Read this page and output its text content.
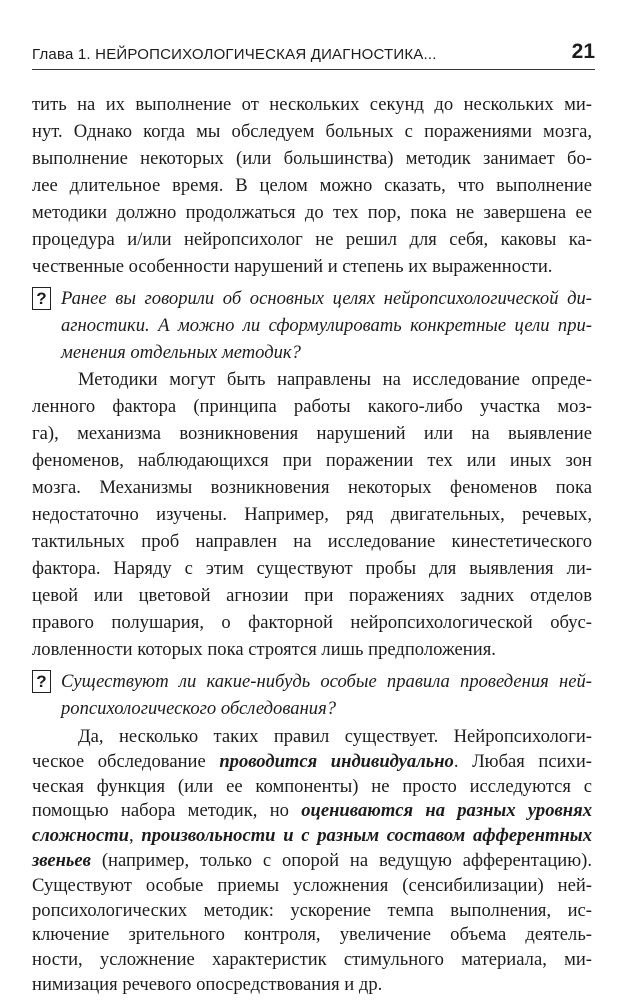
Глава 1. НЕЙРОПСИХОЛОГИЧЕСКАЯ ДИАГНОСТИКА...	21
тить на их выполнение от нескольких секунд до нескольких ми-
нут. Однако когда мы обследуем больных с поражениями мозга,
выполнение некоторых (или большинства) методик занимает бо-
лее длительное время. В целом можно сказать, что выполнение
методики должно продолжаться до тех пор, пока не завершена ее
процедура и/или нейропсихолог не решил для себя, каковы ка-
чественные особенности нарушений и степень их выраженности.
? Ранее вы говорили об основных целях нейропсихологической ди-
агностики. А можно ли сформулировать конкретные цели при-
менения отдельных методик?
Методики могут быть направлены на исследование опреде-
ленного фактора (принципа работы какого-либо участка моз-
га), механизма возникновения нарушений или на выявление
феноменов, наблюдающихся при поражении тех или иных зон
мозга. Механизмы возникновения некоторых феноменов пока
недостаточно изучены. Например, ряд двигательных, речевых,
тактильных проб направлен на исследование кинестетического
фактора. Наряду с этим существуют пробы для выявления ли-
цевой или цветовой агнозии при поражениях задних отделов
правого полушария, о факторной нейропсихологической обус-
ловленности которых пока строятся лишь предположения.
? Существуют ли какие-нибудь особые правила проведения ней-
ропсихологического обследования?
Да, несколько таких правил существует. Нейропсихологи-
ческое обследование проводится индивидуально. Любая психи-
ческая функция (или ее компоненты) не просто исследуются с
помощью набора методик, но оцениваются на разных уровнях
сложности, произвольности и с разным составом афферентных
звеньев (например, только с опорой на ведущую афферентацию).
Существуют особые приемы усложнения (сенсибилизации) ней-
ропсихологических методик: ускорение темпа выполнения, ис-
ключение зрительного контроля, увеличение объема деятель-
ности, усложнение характеристик стимульного материала, ми-
нимизация речевого опосредствования и др.
